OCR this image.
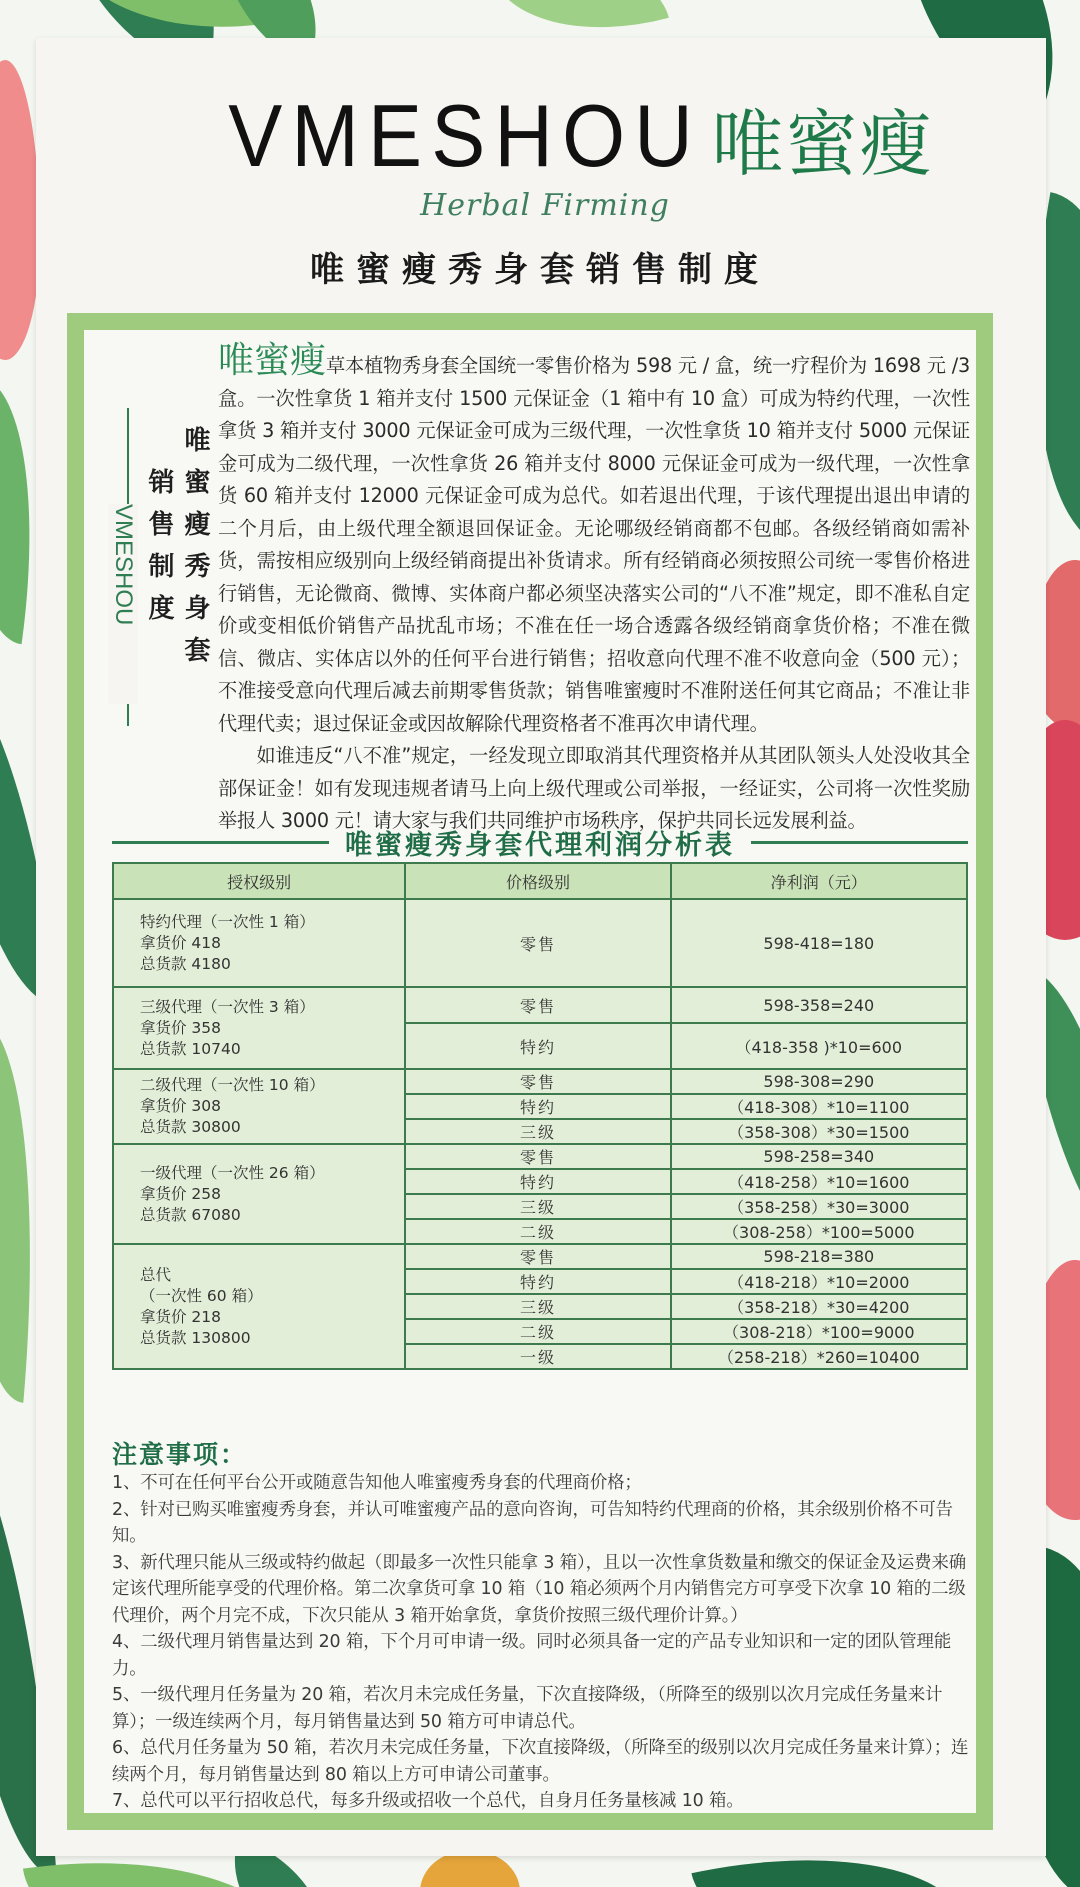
VMESHOU 唯蜜瘦
Herbal Firming
唯蜜瘦秀身套销售制度
VMESHOU 唯蜜瘦秀身套
销售制度

唯蜜瘦草本植物秀身套全国统一零售价格为 598 元 / 盒，统一疗程价为 1698 元 /3 盒。一次性拿货 1 箱并支付 1500 元保证金（1 箱中有 10 盒）可成为特约代理，一次性拿货 3 箱并支付 3000 元保证金可成为三级代理，一次性拿货 10 箱并支付 5000 元保证金可成为二级代理，一次性拿货 26 箱并支付 8000 元保证金可成为一级代理，一次性拿货 60 箱并支付 12000 元保证金可成为总代。如若退出代理，于该代理提出退出申请的二个月后，由上级代理全额退回保证金。无论哪级经销商都不包邮。各级经销商如需补货，需按相应级别向上级经销商提出补货请求。所有经销商必须按照公司统一零售价格进行销售，无论微商、微博、实体商户都必须坚决落实公司的“八不准”规定，即不准私自定价或变相低价销售产品扰乱市场；不准在任一场合透露各级经销商拿货价格；不准在微信、微店、实体店以外的任何平台进行销售；招收意向代理不准不收意向金（500 元）；不准接受意向代理后减去前期零售货款；销售唯蜜瘦时不准附送任何其它商品；不准让非代理代卖；退过保证金或因故解除代理资格者不准再次申请代理。

如谁违反“八不准”规定，一经发现立即取消其代理资格并从其团队领头人处没收其全部保证金！如有发现违规者请马上向上级代理或公司举报，一经证实，公司将一次性奖励举报人 3000 元！请大家与我们共同维护市场秩序，保护共同长远发展利益。

唯蜜瘦秀身套代理利润分析表
授权级别	价格级别	净利润（元）

特约代理（一次性 1 箱）
拿货价 418
总货款 4180	零售	598-418=180

三级代理（一次性 3 箱）
拿货价 358
总货款 10740	零售	598-358=240
	特约	（418-358 )*10=600

二级代理（一次性 10 箱）
拿货价 308
总货款 30800	零售	598-308=290
	特约	（418-308）*10=1100
	三级	（358-308）*30=1500

一级代理（一次性 26 箱）
拿货价 258
总货款 67080	零售	598-258=340
	特约	（418-258）*10=1600
	三级	（358-258）*30=3000
	二级	（308-258）*100=5000

总代
（一次性 60 箱）
拿货价 218
总货款 130800	零售	598-218=380
	特约	（418-218）*10=2000
	三级	（358-218）*30=4200
	二级	（308-218）*100=9000
	一级	（258-218）*260=10400
注意事项：
1、不可在任何平台公开或随意告知他人唯蜜瘦秀身套的代理商价格；
2、针对已购买唯蜜瘦秀身套，并认可唯蜜瘦产品的意向咨询，可告知特约代理商的价格，其余级别价格不可告知。
3、新代理只能从三级或特约做起（即最多一次性只能拿 3 箱），且以一次性拿货数量和缴交的保证金及运费来确定该代理所能享受的代理价格。第二次拿货可拿 10 箱（10 箱必须两个月内销售完方可享受下次拿 10 箱的二级代理价，两个月完不成，下次只能从 3 箱开始拿货，拿货价按照三级代理价计算。）
4、二级代理月销售量达到 20 箱，下个月可申请一级。同时必须具备一定的产品专业知识和一定的团队管理能力。
5、一级代理月任务量为 20 箱，若次月未完成任务量，下次直接降级，（所降至的级别以次月完成任务量来计算）；一级连续两个月，每月销售量达到 50 箱方可申请总代。
6、总代月任务量为 50 箱，若次月未完成任务量，下次直接降级，（所降至的级别以次月完成任务量来计算）；连续两个月，每月销售量达到 80 箱以上方可申请公司董事。
7、总代可以平行招收总代，每多升级或招收一个总代，自身月任务量核减 10 箱。
